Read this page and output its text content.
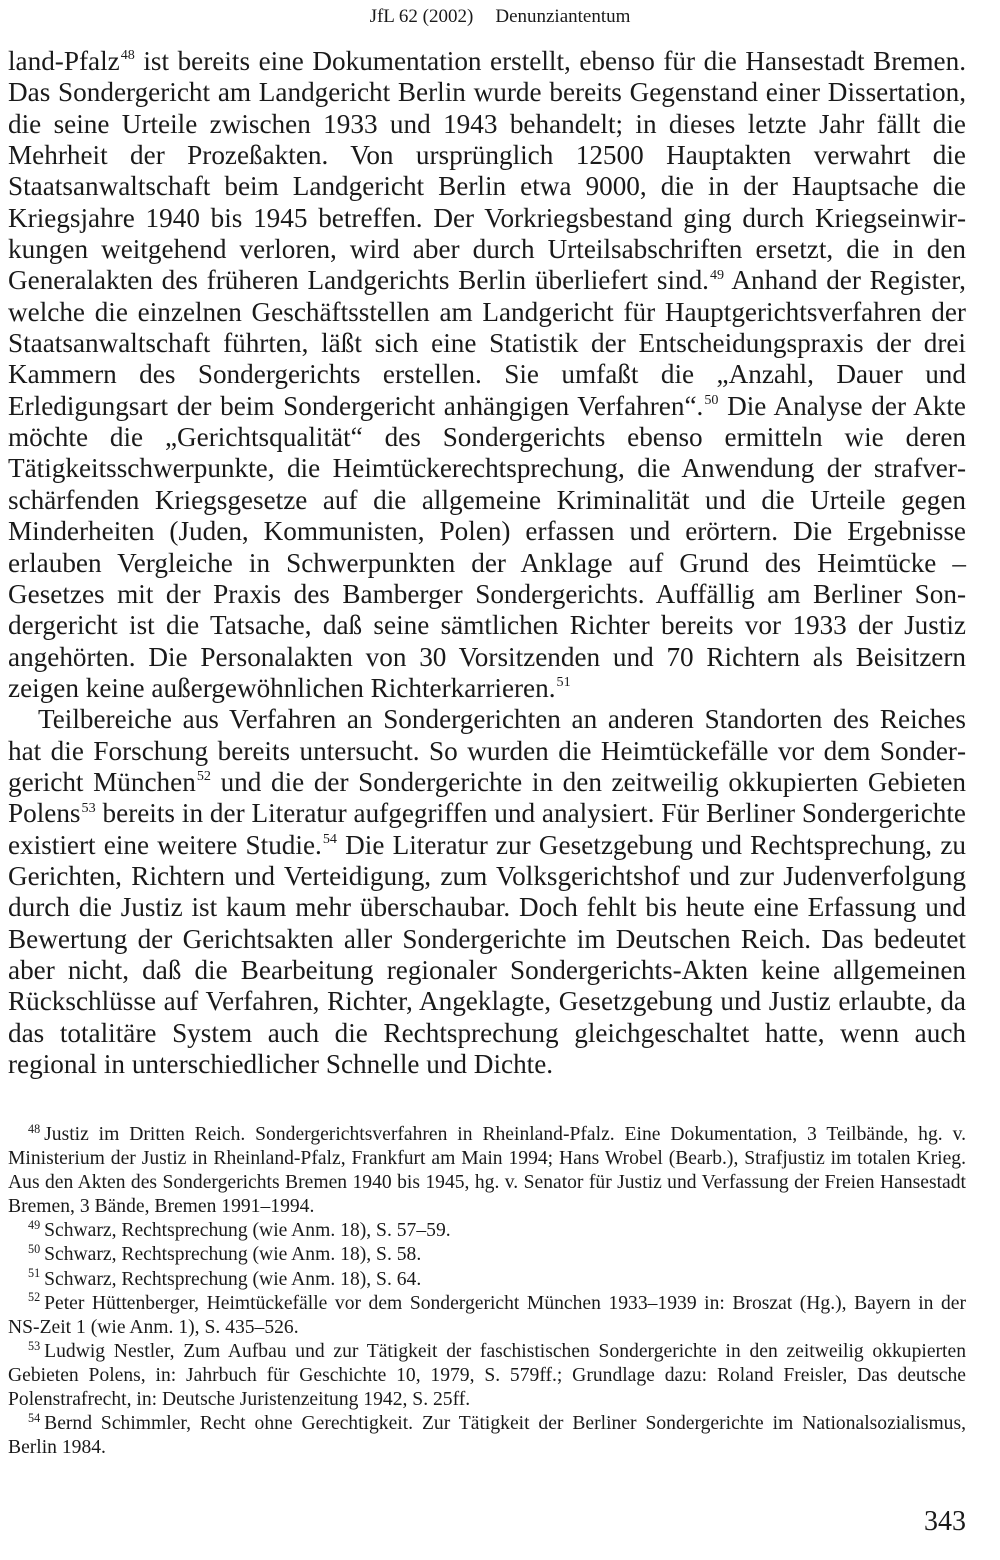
JfL 62 (2002) Denunziantentum

land-Pfalz$^{48}$ ist bereits eine Dokumentation erstellt, ebenso für die Hansestadt Bremen. Das Sondergericht am Landgericht Berlin wurde bereits Gegenstand einer Dissertation, die seine Urteile zwischen 1933 und 1943 behandelt; in dieses letzte Jahr fällt die Mehrheit der Prozeßakten. Von ursprünglich 12500 Hauptakten verwahrt die Staatsanwaltschaft beim Landgericht Berlin etwa 9000, die in der Hauptsache die Kriegsjahre 1940 bis 1945 betreffen. Der Vorkriegsbestand ging durch Kriegseinwirkungen weitgehend verloren, wird aber durch Urteilsabschriften ersetzt, die in den Generalakten des früheren Landgerichts Berlin überliefert sind.$^{49}$ Anhand der Register, welche die einzelnen Geschäftsstellen am Landgericht für Hauptgerichtsverfahren der Staatsanwaltschaft führten, läßt sich eine Statistik der Entscheidungspraxis der drei Kammern des Sondergerichts erstellen. Sie umfaßt die „Anzahl, Dauer und Erledigungsart der beim Sondergericht anhängigen Verfahren“.$^{50}$ Die Analyse der Akte möchte die „Gerichtsqualität“ des Sondergerichts ebenso ermitteln wie deren Tätigkeitsschwerpunkte, die Heimtückerechtsprechung, die Anwendung der strafverschärfenden Kriegsgesetze auf die allgemeine Kriminalität und die Urteile gegen Minderheiten (Juden, Kommunisten, Polen) erfassen und erörtern. Die Ergebnisse erlauben Vergleiche in Schwerpunkten der Anklage auf Grund des Heimtücke – Gesetzes mit der Praxis des Bamberger Sondergerichts. Auffällig am Berliner Sondergericht ist die Tatsache, daß seine sämtlichen Richter bereits vor 1933 der Justiz angehörten. Die Personalakten von 30 Vorsitzenden und 70 Richtern als Beisitzern zeigen keine außergewöhnlichen Richterkarrieren.$^{51}$

Teilbereiche aus Verfahren an Sondergerichten an anderen Standorten des Reiches hat die Forschung bereits untersucht. So wurden die Heimtückefälle vor dem Sondergericht München$^{52}$ und die der Sondergerichte in den zeitweilig okkupierten Gebieten Polens$^{53}$ bereits in der Literatur aufgegriffen und analysiert. Für Berliner Sondergerichte existiert eine weitere Studie.$^{54}$ Die Literatur zur Gesetzgebung und Rechtsprechung, zu Gerichten, Richtern und Verteidigung, zum Volksgerichtshof und zur Judenverfolgung durch die Justiz ist kaum mehr überschaubar. Doch fehlt bis heute eine Erfassung und Bewertung der Gerichtsakten aller Sondergerichte im Deutschen Reich. Das bedeutet aber nicht, daß die Bearbeitung regionaler Sondergerichts-Akten keine allgemeinen Rückschlüsse auf Verfahren, Richter, Angeklagte, Gesetzgebung und Justiz erlaubte, da das totalitäre System auch die Rechtsprechung gleichgeschaltet hatte, wenn auch regional in unterschiedlicher Schnelle und Dichte.

$^{48}$ Justiz im Dritten Reich. Sondergerichtsverfahren in Rheinland-Pfalz. Eine Dokumentation, 3 Teilbände, hg. v. Ministerium der Justiz in Rheinland-Pfalz, Frankfurt am Main 1994; Hans Wrobel (Bearb.), Strafjustiz im totalen Krieg. Aus den Akten des Sondergerichts Bremen 1940 bis 1945, hg. v. Senator für Justiz und Verfassung der Freien Hansestadt Bremen, 3 Bände, Bremen 1991–1994.

$^{49}$ Schwarz, Rechtsprechung (wie Anm. 18), S. 57–59.

$^{50}$ Schwarz, Rechtsprechung (wie Anm. 18), S. 58.

$^{51}$ Schwarz, Rechtsprechung (wie Anm. 18), S. 64.

$^{52}$ Peter Hüttenberger, Heimtückefälle vor dem Sondergericht München 1933–1939 in: Broszat (Hg.), Bayern in der NS-Zeit 1 (wie Anm. 1), S. 435–526.

$^{53}$ Ludwig Nestler, Zum Aufbau und zur Tätigkeit der faschistischen Sondergerichte in den zeitweilig okkupierten Gebieten Polens, in: Jahrbuch für Geschichte 10, 1979, S. 579ff.; Grundlage dazu: Roland Freisler, Das deutsche Polenstrafrecht, in: Deutsche Juristenzeitung 1942, S. 25ff.

$^{54}$ Bernd Schimmler, Recht ohne Gerechtigkeit. Zur Tätigkeit der Berliner Sondergerichte im Nationalsozialismus, Berlin 1984.

343
